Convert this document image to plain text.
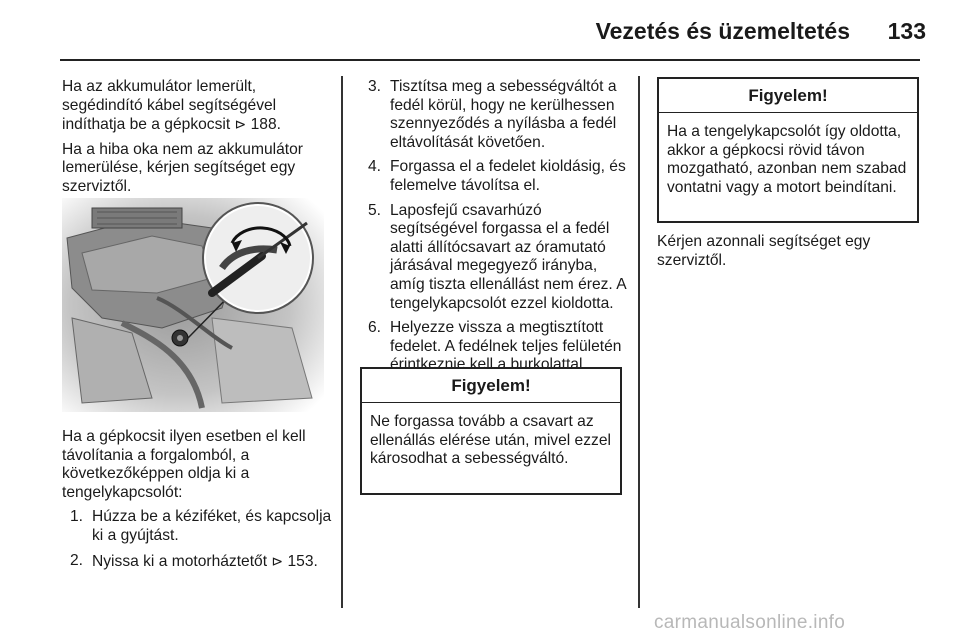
Vezetés és üzemeltetés	133

Ha az akkumulátor lemerült, segédindító kábel segítségével indíthatja be a gépkocsit ⊳ 188.

Ha a hiba oka nem az akkumulátor lemerülése, kérjen segítséget egy szerviztől.

Ha a gépkocsit ilyen esetben el kell távolítania a forgalomból, a következőképpen oldja ki a tengelykapcsolót:

1. Húzza be a kéziféket, és kapcsolja ki a gyújtást.
2. Nyissa ki a motorháztetőt ⊳ 153.
3. Tisztítsa meg a sebességváltót a fedél körül, hogy ne kerülhessen szennyeződés a nyílásba a fedél eltávolítását követően.
4. Forgassa el a fedelet kioldásig, és felemelve távolítsa el.
5. Laposfejű csavarhúzó segítségével forgassa el a fedél alatti állítócsavart az óramutató járásával megegyező irányba, amíg tiszta ellenállást nem érez. A tengelykapcsolót ezzel kioldotta.
6. Helyezze vissza a megtisztított fedelet. A fedélnek teljes felületén érintkeznie kell a burkolattal.
Figyelem!
Ne forgassa tovább a csavart az ellenállás elérése után, mivel ezzel károsodhat a sebességváltó.
Figyelem!
Ha a tengelykapcsolót így oldotta, akkor a gépkocsi rövid távon mozgatható, azonban nem szabad vontatni vagy a motort beindítani.

Kérjen azonnali segítséget egy szerviztől.

carmanualsonline.info
